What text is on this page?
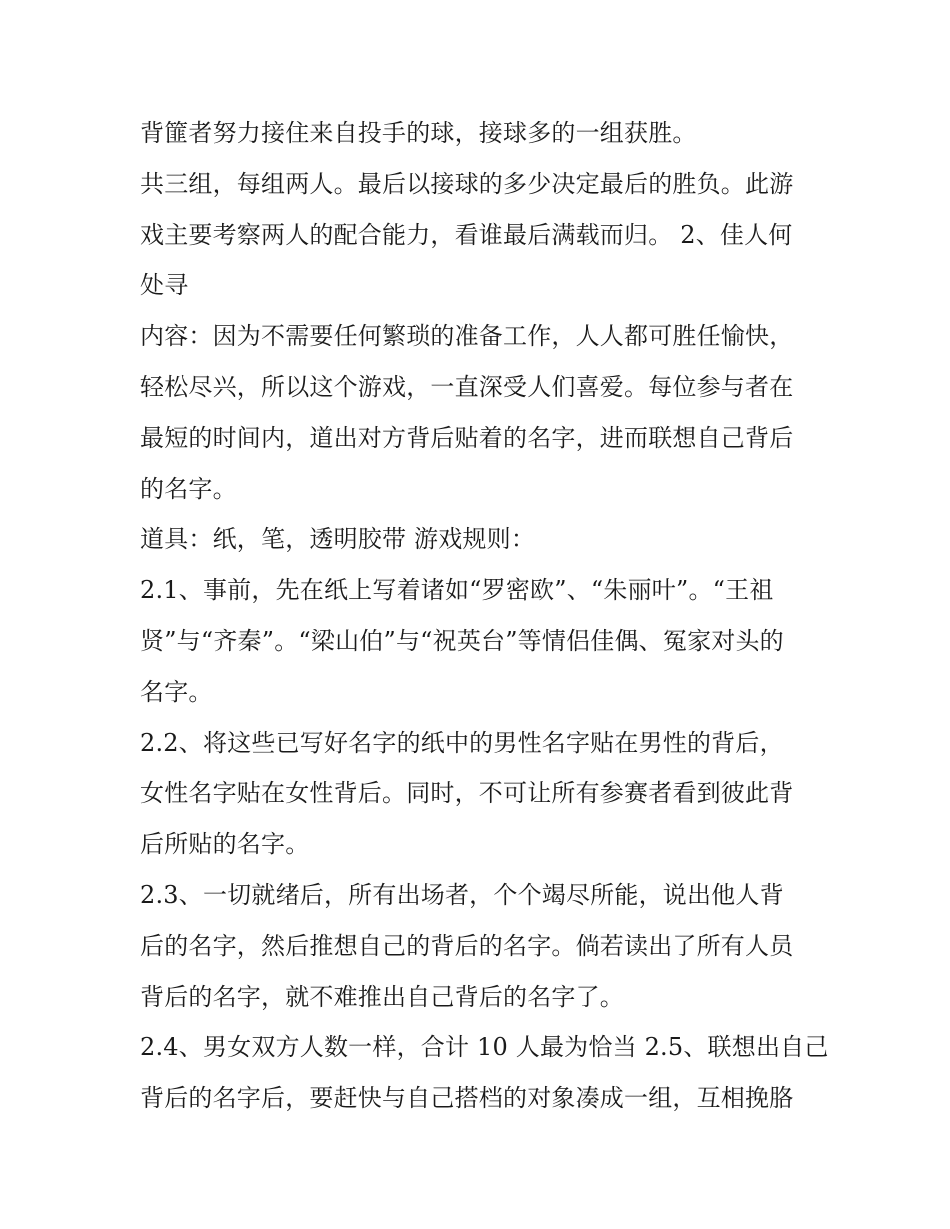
背篚者努力接住来自投手的球，接球多的一组获胜。

共三组，每组两人。最后以接球的多少决定最后的胜负。此游

戏主要考察两人的配合能力，看谁最后满载而归。 2、佳人何

处寻

内容：因为不需要任何繁琐的准备工作，人人都可胜任愉快，

轻松尽兴，所以这个游戏，一直深受人们喜爱。每位参与者在

最短的时间内，道出对方背后贴着的名字，进而联想自己背后

的名字。

道具：纸，笔，透明胶带 游戏规则：

2.1、事前，先在纸上写着诸如“罗密欧”、“朱丽叶”。“王祖

贤”与“齐秦”。“梁山伯”与“祝英台”等情侣佳偶、冤家对头的

名字。

2.2、将这些已写好名字的纸中的男性名字贴在男性的背后，

女性名字贴在女性背后。同时，不可让所有参赛者看到彼此背

后所贴的名字。

2.3、一切就绪后，所有出场者，个个竭尽所能，说出他人背

后的名字，然后推想自己的背后的名字。倘若读出了所有人员

背后的名字，就不难推出自己背后的名字了。

2.4、男女双方人数一样，合计 10 人最为恰当 2.5、联想出自己

背后的名字后，要赶快与自己搭档的对象凑成一组，互相挽胳
